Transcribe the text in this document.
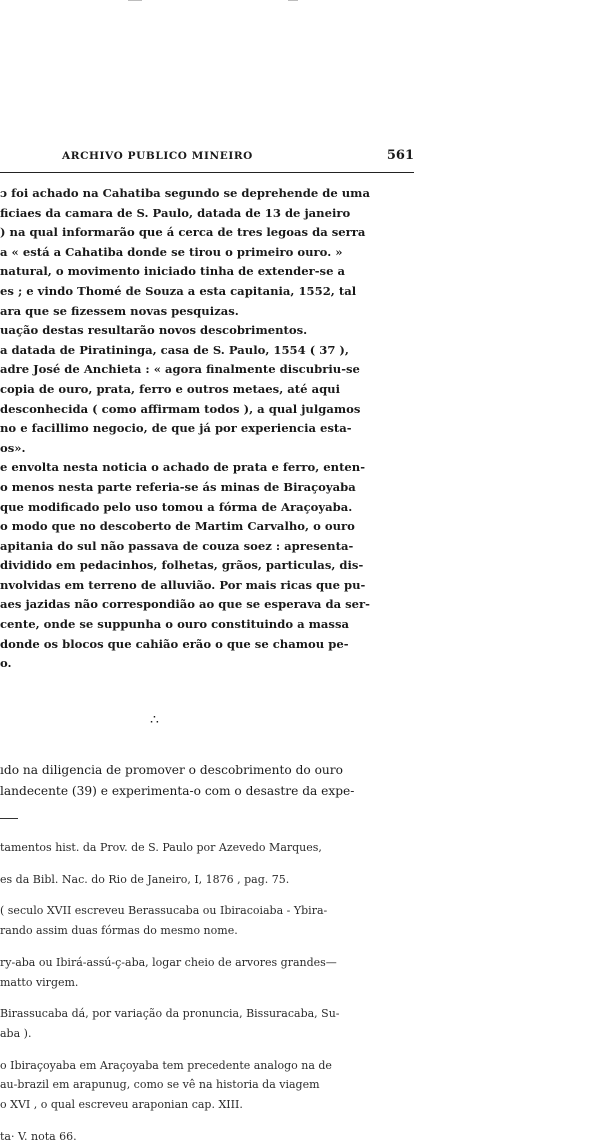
ARCHIVO PUBLICO MINEIRO	561
ɔ foi achado na Cahatiba segundo se deprehende de uma
ficiaes da camara de S. Paulo, datada de 13 de janeiro
) na qual informarão que á cerca de tres legoas da serra
a « está a Cahatiba donde se tirou o primeiro ouro. »
natural, o movimento iniciado tinha de extender-se a
es ; e vindo Thomé de Souza a esta capitania, 1552, tal
ara que se fizessem novas pesquizas.
uação destas resultarão novos descobrimentos.
a datada de Piratininga, casa de S. Paulo, 1554 ( 37 ),
adre José de Anchieta : « agora finalmente discubriu-se
copia de ouro, prata, ferro e outros metaes, até aqui
desconhecida ( como affirmam todos ), a qual julgamos
no e facillimo negocio, de que já por experiencia esta-
os».
e envolta nesta noticia o achado de prata e ferro, enten-
o menos nesta parte referia-se ás minas de Biraçoyaba
que modificado pelo uso tomou a fórma de Araçoyaba.
o modo que no descoberto de Martim Carvalho, o ouro
apitania do sul não passava de couza soez : apresenta-
dividido em pedacinhos, folhetas, grãos, particulas, dis-
nvolvidas em terreno de alluvião. Por mais ricas que pu-
aes jazidas não correspondião ao que se esperava da ser-
cente, onde se suppunha o ouro constituindo a massa
donde os blocos que cahião erão o que se chamou pe-
o.
∴
ıdo na diligencia de promover o descobrimento do ouro
landecente (39) e experimenta-o com o desastre da expe-
tamentos hist. da Prov. de S. Paulo por Azevedo Marques,
es da Bibl. Nac. do Rio de Janeiro, I, 1876 , pag. 75.
( seculo XVII escreveu Berassucaba ou Ibiracoiaba - Ybira-
rando assim duas fórmas do mesmo nome.
ry-aba ou Ibirá-assú-ç-aba, logar cheio de arvores grandes—
matto virgem.
Birassucaba dá, por variação da pronuncia, Bissuracaba, Su-
aba ).
o Ibiraçoyaba em Araçoyaba tem precedente analogo na de
au-brazil em arapunug, como se vê na historia da viagem
o XVI , o qual escreveu araponian cap. XIII.
ta· V. nota 66.
